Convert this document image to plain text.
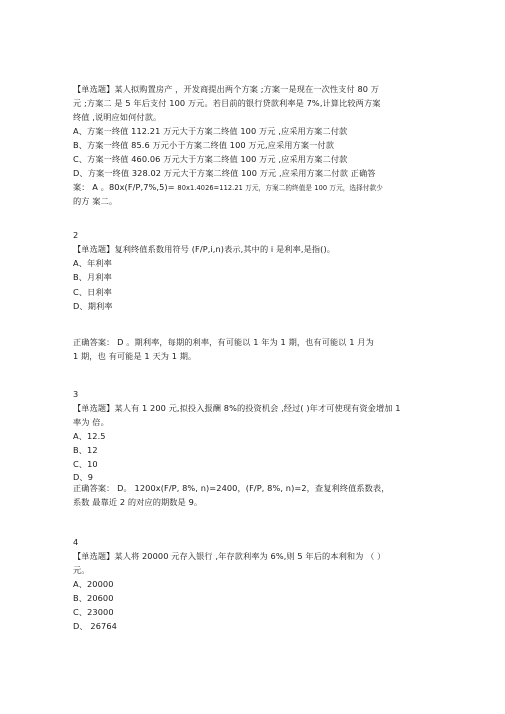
【单选题】某人拟购置房产 ，开发商提出两个方案 ;方案一是现在一次性支付 80 万
元 ;方案二 是 5 年后支付 100 万元。若目前的银行贷款利率是 7%,计算比较两方案
终值 ,说明应如何付款。
A、方案一终值 112.21 万元大于方案二终值 100 万元 ,应采用方案二付款
B、方案一终值 85.6 万元小于方案二终值 100 万元,应采用方案一付款
C、方案一终值 460.06 万元大于方案二终值 100 万元 ,应采用方案二付款
D、方案一终值 328.02 万元大于方案二终值 100 万元 ,应采用方案二付款 正确答
案： A 。80x(F/P,7%,5)= 80x1.4026=112.21 万元，方案二的终值是 100 万元，选择付款少
的方 案二。
2
【单选题】复利终值系数用符号 (F/P,i,n)表示,其中的 i 是利率,是指()。
A、年利率
B、月利率
C、日利率
D、期利率
正确答案： D 。期利率，每期的利率，有可能以 1 年为 1 期，也有可能以 1 月为
1 期，也 有可能是 1 天为 1 期。
3
【单选题】某人有 1 200 元,拟投入报酬 8%的投资机会 ,经过( )年才可使现有资金增加 1
率为 倍。
A、12.5
B、12
C、10
D、9
正确答案： D。 1200x(F/P, 8%, n)=2400，(F/P, 8%, n)=2，查复利终值系数表，
系数 最靠近 2 的对应的期数是 9。
4
【单选题】某人将 20000 元存入银行 ,年存款利率为 6%,则 5 年后的本利和为 （ ）
元。
A、20000
B、20600
C、23000
D、 26764
